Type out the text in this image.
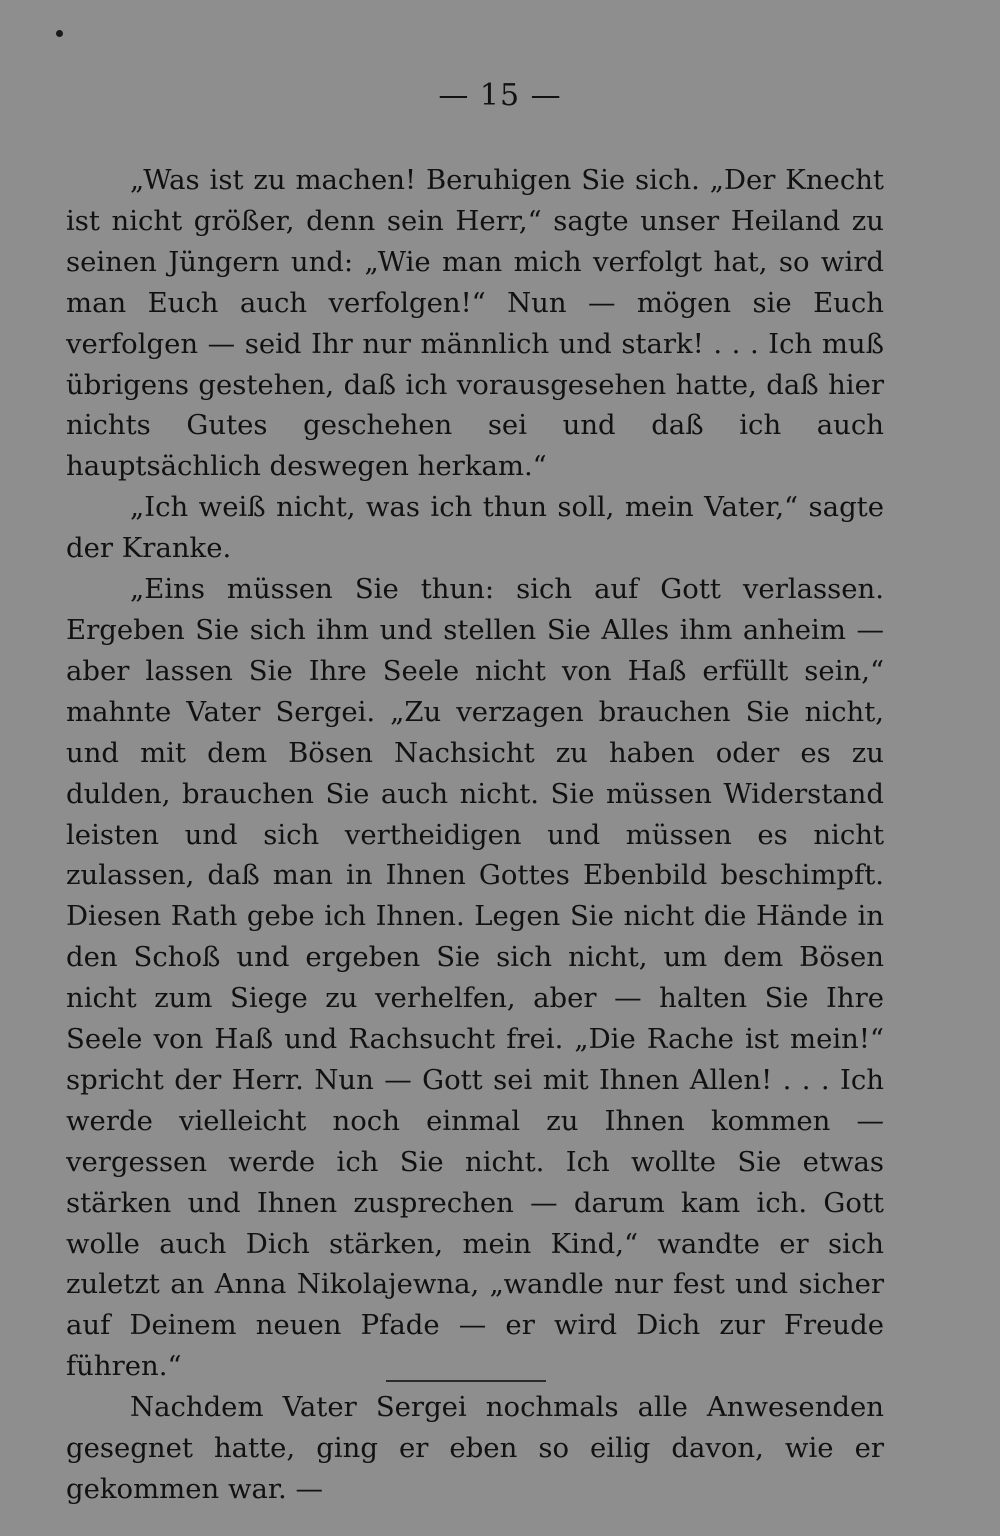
— 15 —

„Was ist zu machen! Beruhigen Sie sich. „Der Knecht ist nicht größer, denn sein Herr,“ sagte unser Heiland zu seinen Jüngern und: „Wie man mich verfolgt hat, so wird man Euch auch verfolgen!“ Nun — mögen sie Euch verfolgen — seid Ihr nur männlich und stark! . . . Ich muß übrigens gestehen, daß ich vorausgesehen hatte, daß hier nichts Gutes geschehen sei und daß ich auch hauptsächlich deswegen herkam.“

„Ich weiß nicht, was ich thun soll, mein Vater,“ sagte der Kranke.

„Eins müssen Sie thun: sich auf Gott verlassen. Ergeben Sie sich ihm und stellen Sie Alles ihm anheim — aber lassen Sie Ihre Seele nicht von Haß erfüllt sein,“ mahnte Vater Sergei. „Zu verzagen brauchen Sie nicht, und mit dem Bösen Nachsicht zu haben oder es zu dulden, brauchen Sie auch nicht. Sie müssen Widerstand leisten und sich vertheidigen und müssen es nicht zulassen, daß man in Ihnen Gottes Ebenbild beschimpft. Diesen Rath gebe ich Ihnen. Legen Sie nicht die Hände in den Schoß und ergeben Sie sich nicht, um dem Bösen nicht zum Siege zu verhelfen, aber — halten Sie Ihre Seele von Haß und Rachsucht frei. „Die Rache ist mein!“ spricht der Herr. Nun — Gott sei mit Ihnen Allen! . . . Ich werde vielleicht noch einmal zu Ihnen kommen — vergessen werde ich Sie nicht. Ich wollte Sie etwas stärken und Ihnen zusprechen — darum kam ich. Gott wolle auch Dich stärken, mein Kind,“ wandte er sich zuletzt an Anna Nikolajewna, „wandle nur fest und sicher auf Deinem neuen Pfade — er wird Dich zur Freude führen.“

Nachdem Vater Sergei nochmals alle Anwesenden gesegnet hatte, ging er eben so eilig davon, wie er gekommen war. —
